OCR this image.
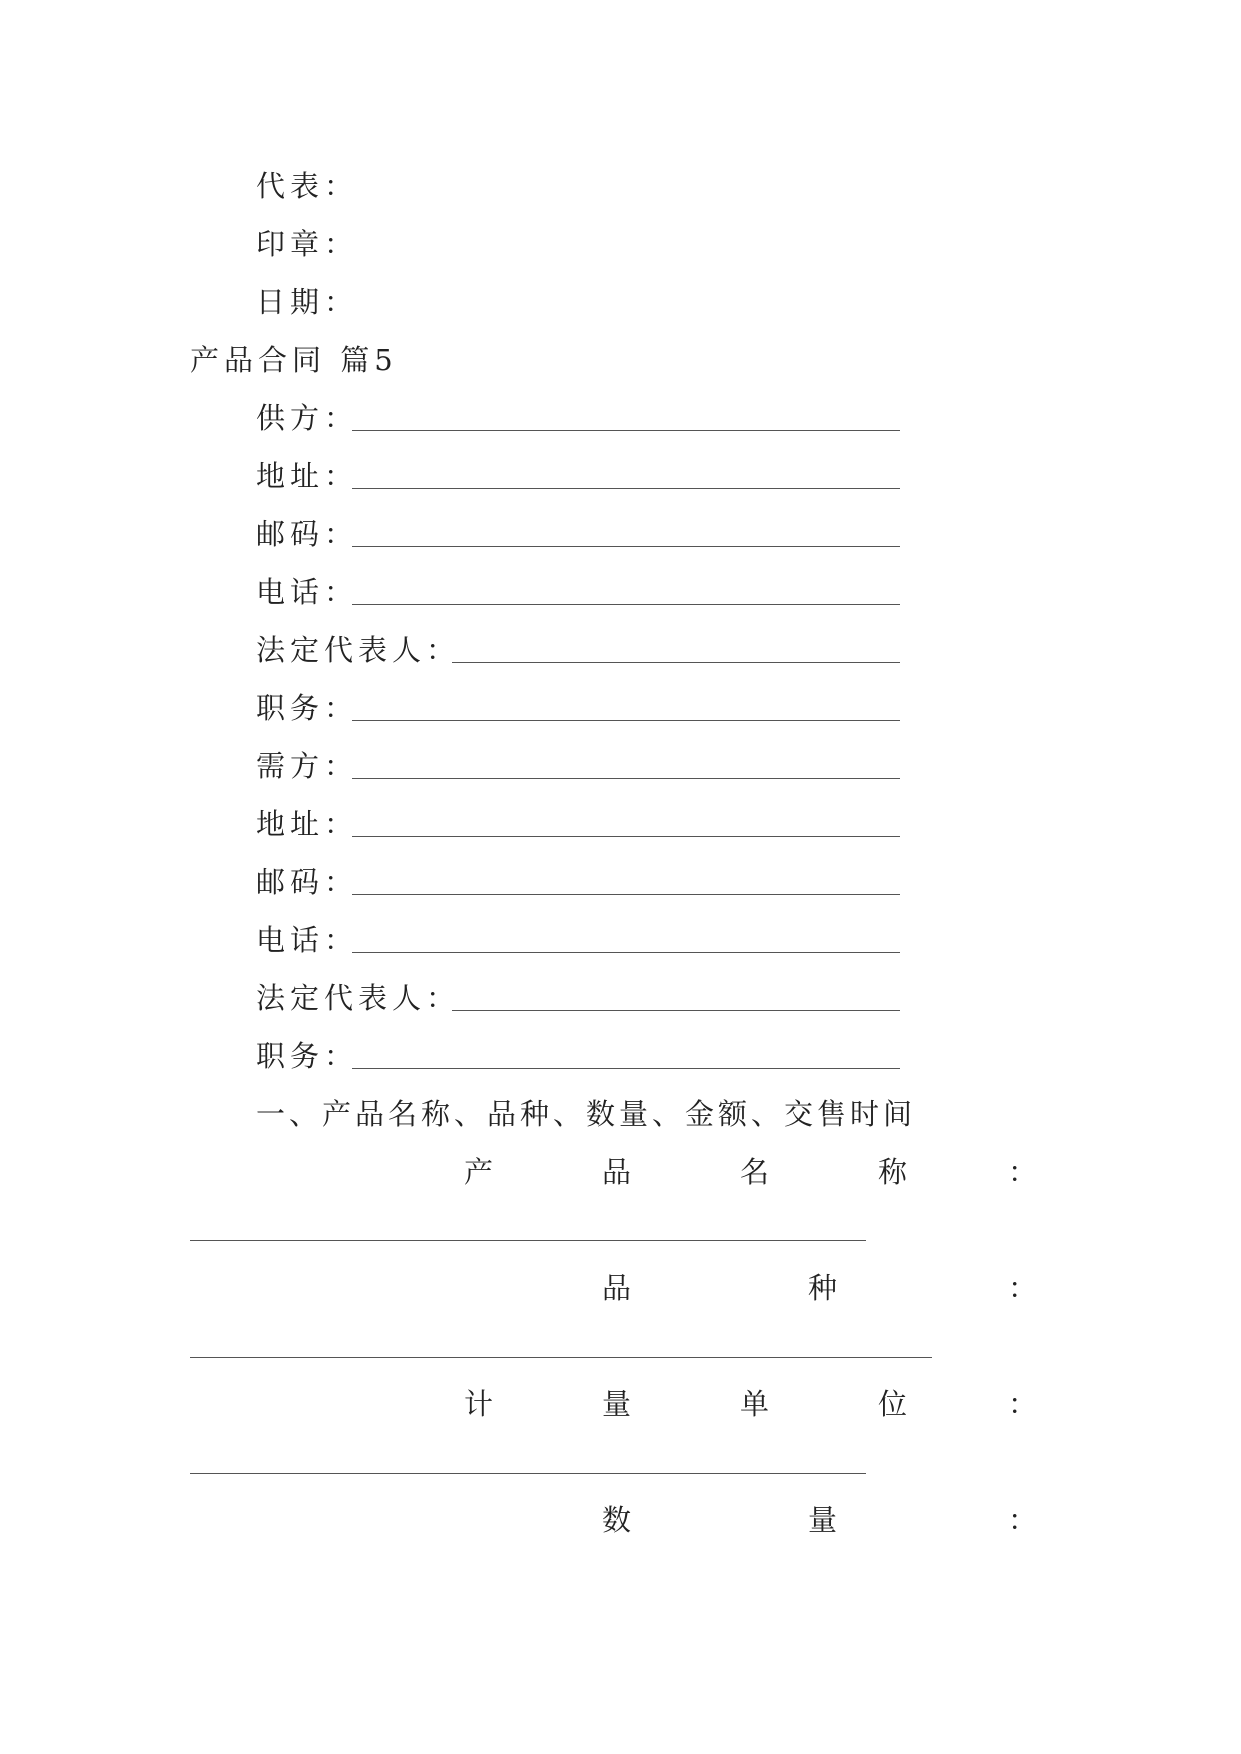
代表：
印章：
日期：
产品合同 篇5
供方：
地址：
邮码：
电话：
法定代表人：
职务：
需方：
地址：
邮码：
电话：
法定代表人：
职务：
一、产品名称、品种、数量、金额、交售时间
产	品	名	称	：
品	种	：
计	量	单	位	：
数	量	：
